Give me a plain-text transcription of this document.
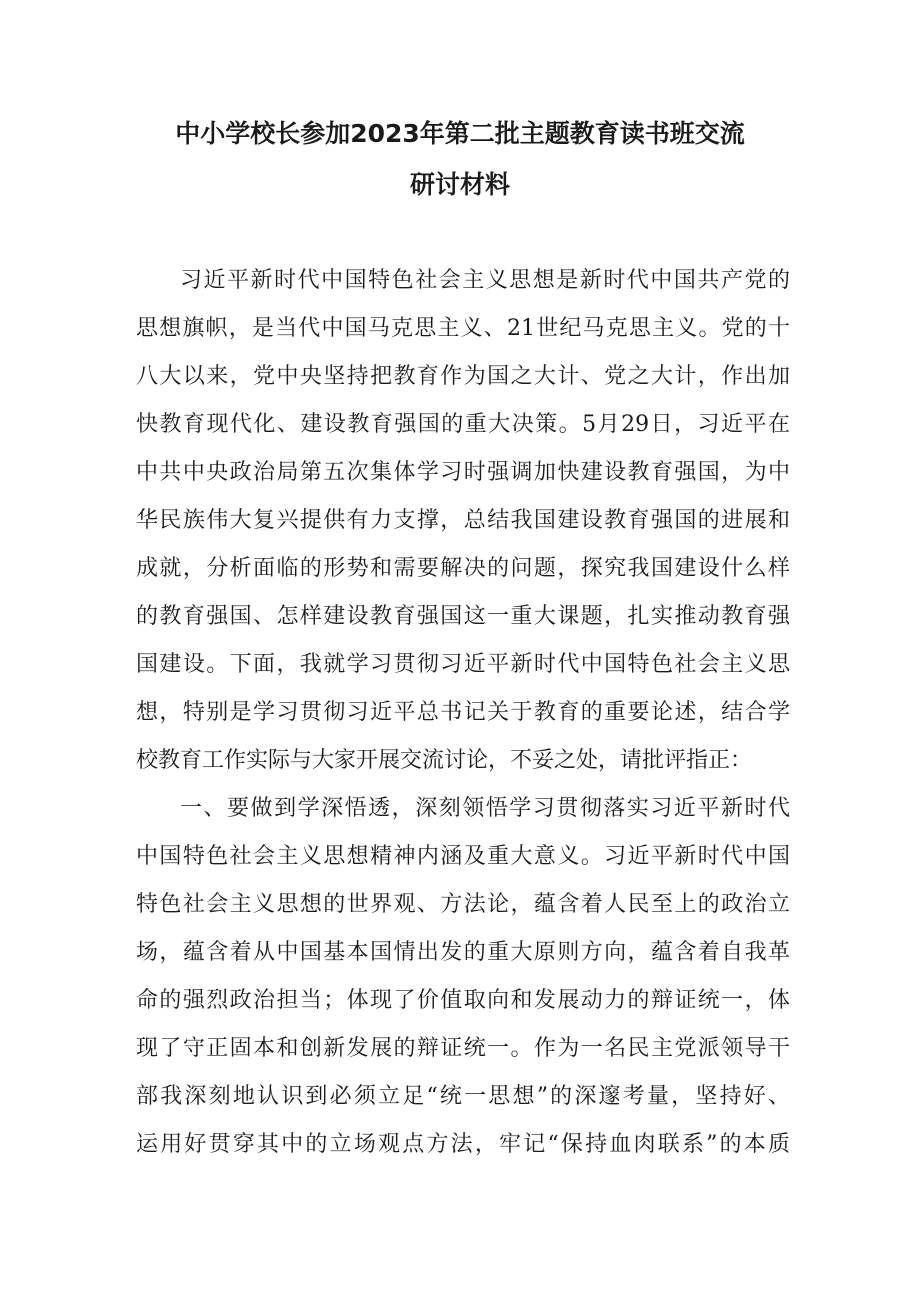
中小学校长参加2023年第二批主题教育读书班交流
研讨材料
习近平新时代中国特色社会主义思想是新时代中国共产党的
思想旗帜，是当代中国马克思主义、21世纪马克思主义。党的十
八大以来，党中央坚持把教育作为国之大计、党之大计，作出加
快教育现代化、建设教育强国的重大决策。5月29日，习近平在
中共中央政治局第五次集体学习时强调加快建设教育强国，为中
华民族伟大复兴提供有力支撑，总结我国建设教育强国的进展和
成就，分析面临的形势和需要解决的问题，探究我国建设什么样
的教育强国、怎样建设教育强国这一重大课题，扎实推动教育强
国建设。下面，我就学习贯彻习近平新时代中国特色社会主义思
想，特别是学习贯彻习近平总书记关于教育的重要论述，结合学
校教育工作实际与大家开展交流讨论，不妥之处，请批评指正：
一、要做到学深悟透，深刻领悟学习贯彻落实习近平新时代
中国特色社会主义思想精神内涵及重大意义。习近平新时代中国
特色社会主义思想的世界观、方法论，蕴含着人民至上的政治立
场，蕴含着从中国基本国情出发的重大原则方向，蕴含着自我革
命的强烈政治担当；体现了价值取向和发展动力的辩证统一，体
现了守正固本和创新发展的辩证统一。作为一名民主党派领导干
部我深刻地认识到必须立足“统一思想”的深邃考量，坚持好、
运用好贯穿其中的立场观点方法，牢记“保持血肉联系”的本质
